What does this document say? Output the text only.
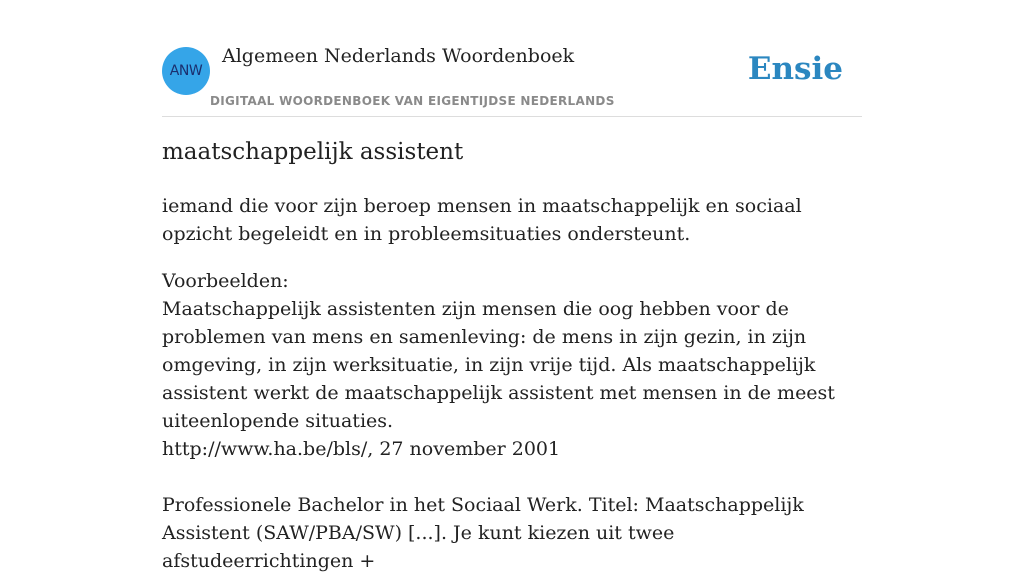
ANW
Algemeen Nederlands Woordenboek
DIGITAAL WOORDENBOEK VAN EIGENTIJDSE NEDERLANDS
Ensie
maatschappelijk assistent

iemand die voor zijn beroep mensen in maatschappelijk en sociaal opzicht begeleidt en in probleemsituaties ondersteunt.

Voorbeelden:
Maatschappelijk assistenten zijn mensen die oog hebben voor de problemen van mens en samenleving: de mens in zijn gezin, in zijn omgeving, in zijn werksituatie, in zijn vrije tijd. Als maatschappelijk assistent werkt de maatschappelijk assistent met mensen in de meest uiteenlopende situaties.
http://www.ha.be/bls/, 27 november 2001
Professionele Bachelor in het Sociaal Werk. Titel: Maatschappelijk Assistent (SAW/PBA/SW) [...]. Je kunt kiezen uit twee afstudeerrichtingen +
